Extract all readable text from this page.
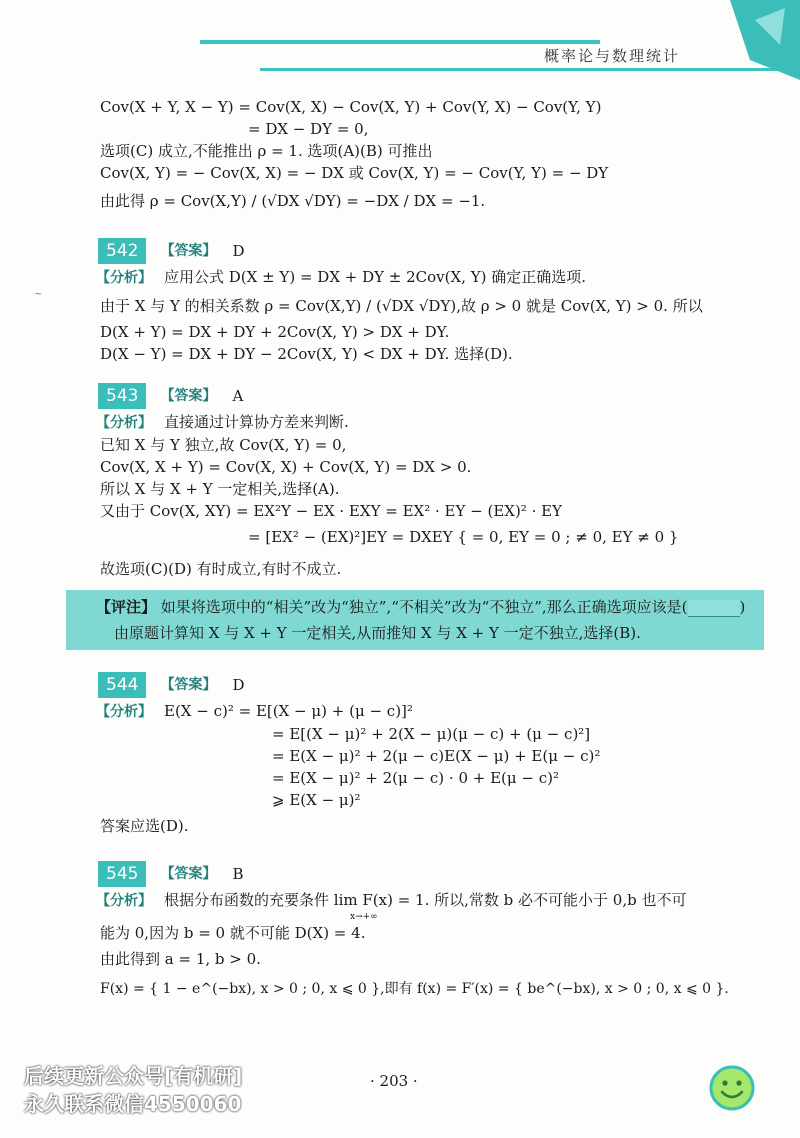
概率论与数理统计
~
Cov(X + Y, X − Y) = Cov(X, X) − Cov(X, Y) + Cov(Y, X) − Cov(Y, Y)
= DX − DY = 0,
选项(C) 成立,不能推出 ρ = 1. 选项(A)(B) 可推出
Cov(X, Y) = − Cov(X, X) = − DX 或 Cov(X, Y) = − Cov(Y, Y) = − DY
由此得 ρ = Cov(X,Y) / (√DX √DY) = −DX / DX = −1.
542	【答案】 D
【分析】 应用公式 D(X ± Y) = DX + DY ± 2Cov(X, Y) 确定正确选项.
由于 X 与 Y 的相关系数 ρ = Cov(X,Y) / (√DX √DY),故 ρ > 0 就是 Cov(X, Y) > 0. 所以
D(X + Y) = DX + DY + 2Cov(X, Y) > DX + DY.
D(X − Y) = DX + DY − 2Cov(X, Y) < DX + DY. 选择(D).
543	【答案】 A
【分析】 直接通过计算协方差来判断.
已知 X 与 Y 独立,故 Cov(X, Y) = 0,
Cov(X, X + Y) = Cov(X, X) + Cov(X, Y) = DX > 0.
所以 X 与 X + Y 一定相关,选择(A).
又由于 Cov(X, XY) = EX²Y − EX · EXY = EX² · EY − (EX)² · EY
= [EX² − (EX)²]EY = DXEY { = 0, EY = 0 ; ≠ 0, EY ≠ 0 }
故选项(C)(D) 有时成立,有时不成立.
【评注】 如果将选项中的“相关”改为“独立”,“不相关”改为“不独立”,那么正确选项应该是(	)
由原题计算知 X 与 X + Y 一定相关,从而推知 X 与 X + Y 一定不独立,选择(B).
544	【答案】 D
【分析】 E(X − c)² = E[(X − μ) + (μ − c)]²
= E[(X − μ)² + 2(X − μ)(μ − c) + (μ − c)²]
= E(X − μ)² + 2(μ − c)E(X − μ) + E(μ − c)²
= E(X − μ)² + 2(μ − c) · 0 + E(μ − c)²
⩾ E(X − μ)²
答案应选(D).
545	【答案】 B
【分析】 根据分布函数的充要条件 lim F(x) = 1. 所以,常数 b 必不可能小于 0,b 也不可
x→+∞
能为 0,因为 b = 0 就不可能 D(X) = 4.
由此得到 a = 1, b > 0.
F(x) = { 1 − e^(−bx), x > 0 ; 0, x ⩽ 0 },即有 f(x) = F′(x) = { be^(−bx), x > 0 ; 0, x ⩽ 0 }.
· 203 ·
后续更新公众号[有机研]
永久联系微信4550060
